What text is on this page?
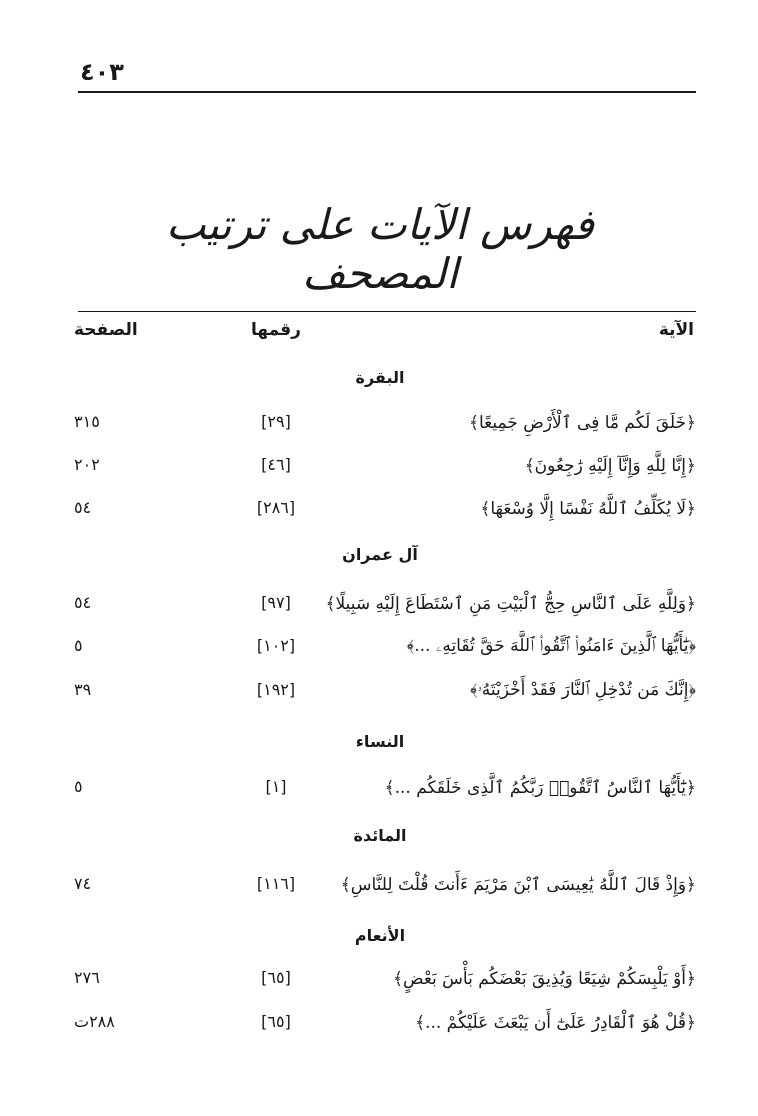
٤٠٣
فهرس الآيات على ترتيب المصحف
الآية
رقمها
الصفحة
البقرة
﴿خَلَقَ لَكُم مَّا فِى ٱلْأَرْضِ جَمِيعًا﴾
[٢٩]
٣١٥
﴿إِنَّا لِلَّهِ وَإِنَّآ إِلَيْهِ رَٰجِعُونَ﴾
[٤٦]
٢٠٢
﴿لَا يُكَلِّفُ ٱللَّهُ نَفْسًا إِلَّا وُسْعَهَا﴾
[٢٨٦]
٥٤
آل عمران
﴿وَلِلَّهِ عَلَى ٱلنَّاسِ حِجُّ ٱلْبَيْتِ مَنِ ٱسْتَطَاعَ إِلَيْهِ سَبِيلًا﴾
[٩٧]
٥٤
﴿يَٰٓأَيُّهَا ٱلَّذِينَ ءَامَنُوا۟ ٱتَّقُوا۟ ٱللَّهَ حَقَّ تُقَاتِهِۦ ...﴾
[١٠٢]
٥
﴿إِنَّكَ مَن تُدْخِلِ ٱلنَّارَ فَقَدْ أَخْزَيْتَهُۥ﴾
[١٩٢]
٣٩
النساء
﴿يَٰٓأَيُّهَا ٱلنَّاسُ ٱتَّقُوا۟ رَبَّكُمُ ٱلَّذِى خَلَقَكُم ...﴾
[١]
٥
المائدة
﴿وَإِذْ قَالَ ٱللَّهُ يَٰعِيسَى ٱبْنَ مَرْيَمَ ءَأَنتَ قُلْتَ لِلنَّاسِ﴾
[١١٦]
٧٤
الأنعام
﴿أَوْ يَلْبِسَكُمْ شِيَعًا وَيُذِيقَ بَعْضَكُم بَأْسَ بَعْضٍ﴾
[٦٥]
٢٧٦
﴿قُلْ هُوَ ٱلْقَادِرُ عَلَىٰٓ أَن يَبْعَثَ عَلَيْكُمْ ...﴾
[٦٥]
٢٨٨ت
